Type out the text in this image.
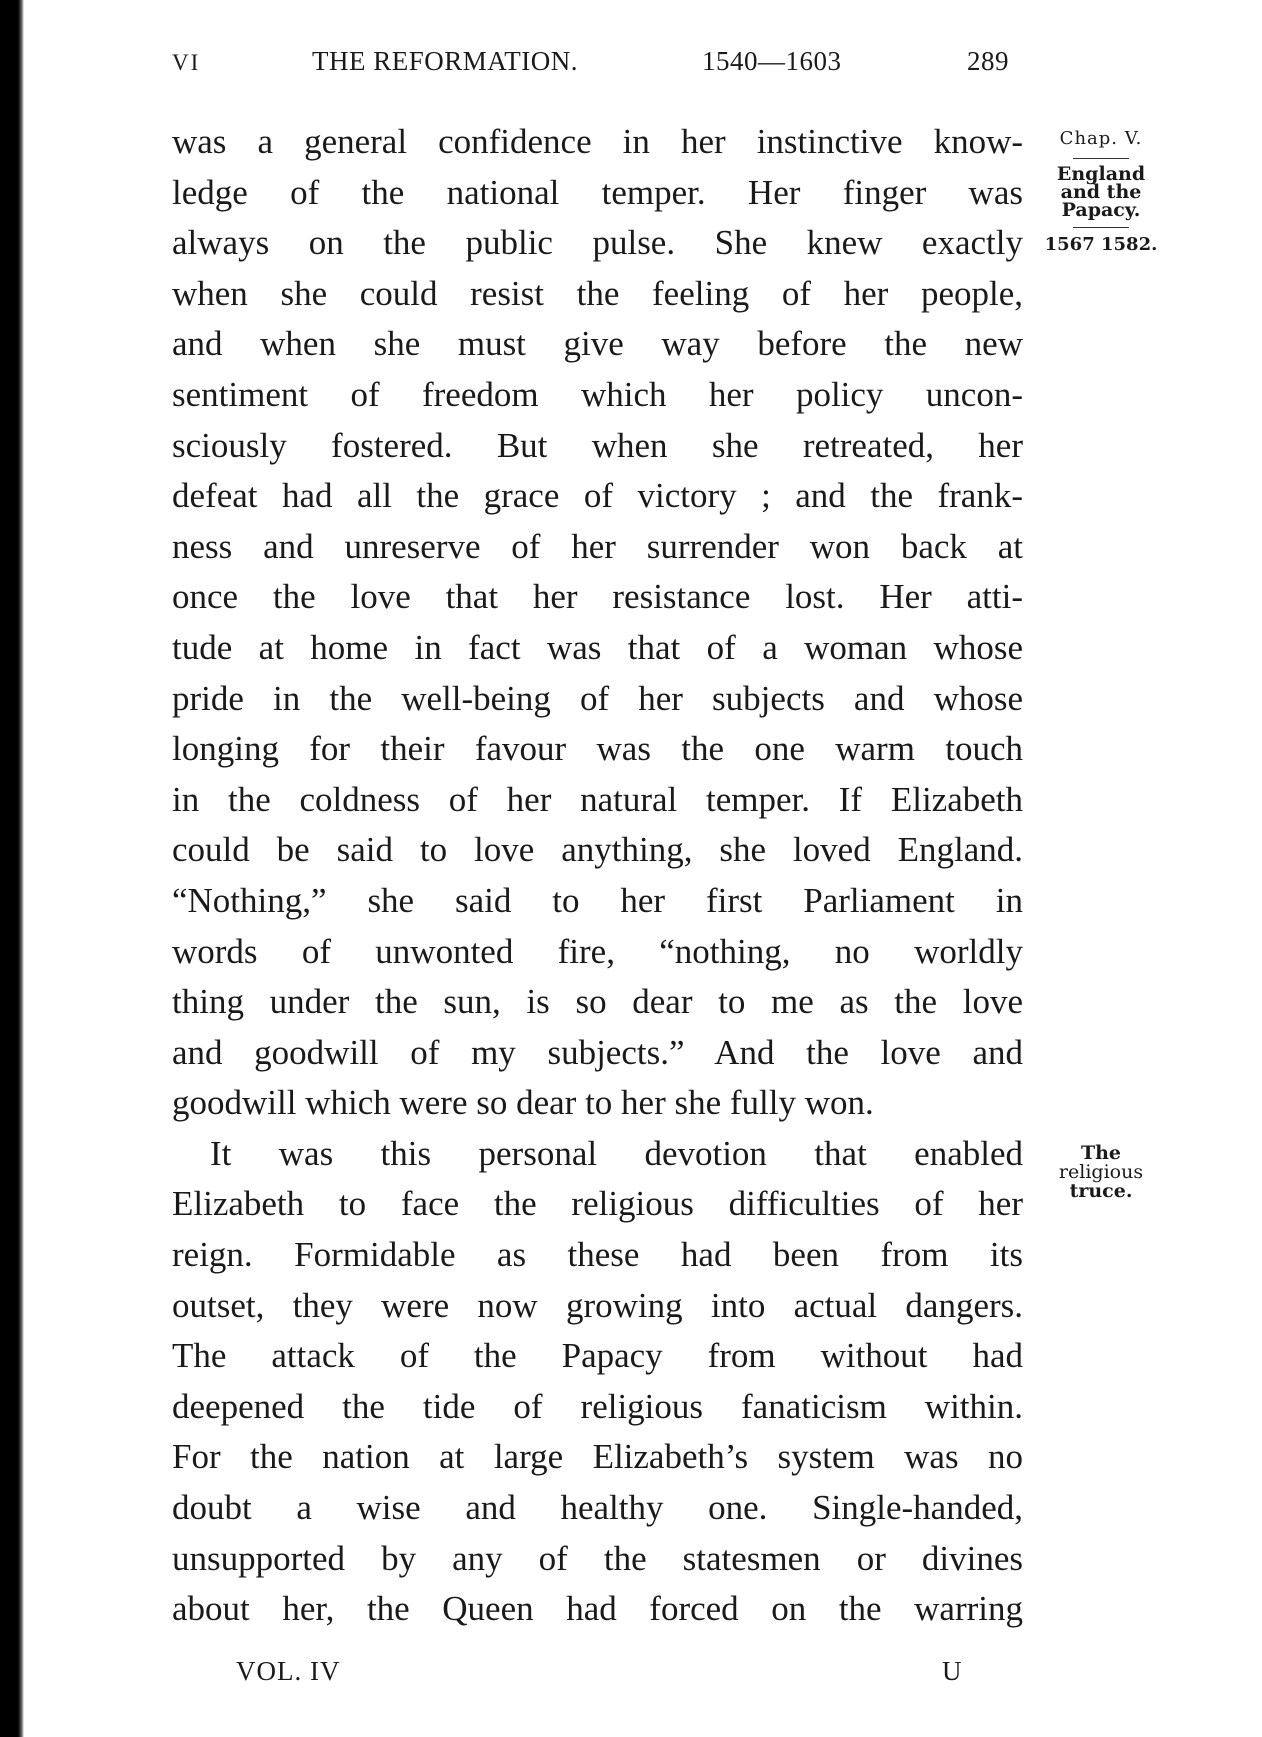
VI	THE REFORMATION.	1540—1603	289
was a general confidence in her instinctive know-
ledge of the national temper. Her finger was
always on the public pulse. She knew exactly
when she could resist the feeling of her people,
and when she must give way before the new
sentiment of freedom which her policy uncon-
sciously fostered. But when she retreated, her
defeat had all the grace of victory ; and the frank-
ness and unreserve of her surrender won back at
once the love that her resistance lost. Her atti-
tude at home in fact was that of a woman whose
pride in the well-being of her subjects and whose
longing for their favour was the one warm touch
in the coldness of her natural temper. If Elizabeth
could be said to love anything, she loved England.
“Nothing,” she said to her first Parliament in
words of unwonted fire, “nothing, no worldly
thing under the sun, is so dear to me as the love
and goodwill of my subjects.” And the love and
goodwill which were so dear to her she fully won.
It was this personal devotion that enabled
Elizabeth to face the religious difficulties of her
reign. Formidable as these had been from its
outset, they were now growing into actual dangers.
The attack of the Papacy from without had
deepened the tide of religious fanaticism within.
For the nation at large Elizabeth’s system was no
doubt a wise and healthy one. Single-handed,
unsupported by any of the statesmen or divines
about her, the Queen had forced on the warring
Chap. V.
England
and the
Papacy.
1567 1582.
The
religious
truce.
VOL. IV	U
